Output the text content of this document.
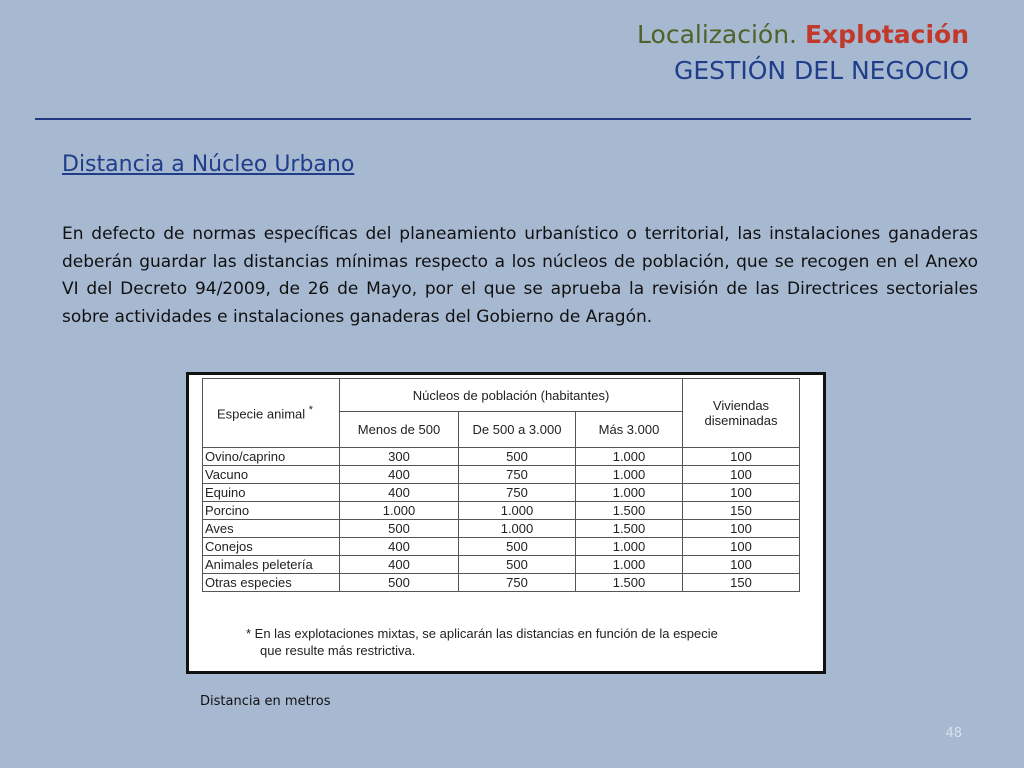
Localización. Explotación
GESTIÓN DEL NEGOCIO
Distancia a Núcleo Urbano
En defecto de normas específicas del planeamiento urbanístico o territorial, las instalaciones ganaderas deberán guardar las distancias mínimas respecto a los núcleos de población, que se recogen en el Anexo VI del Decreto 94/2009, de 26 de Mayo, por el que se aprueba la revisión de las Directrices sectoriales sobre actividades e instalaciones ganaderas del Gobierno de Aragón.
Especie animal *	Núcleos de población (habitantes)			Viviendas diseminadas
	Menos de 500	De 500 a 3.000	Más 3.000	
Ovino/caprino	300	500	1.000	100
Vacuno	400	750	1.000	100
Equino	400	750	1.000	100
Porcino	1.000	1.000	1.500	150
Aves	500	1.000	1.500	100
Conejos	400	500	1.000	100
Animales peletería	400	500	1.000	100
Otras especies	500	750	1.500	150
* En las explotaciones mixtas, se aplicarán las distancias en función de la especie
que resulte más restrictiva.
Distancia en metros
48
